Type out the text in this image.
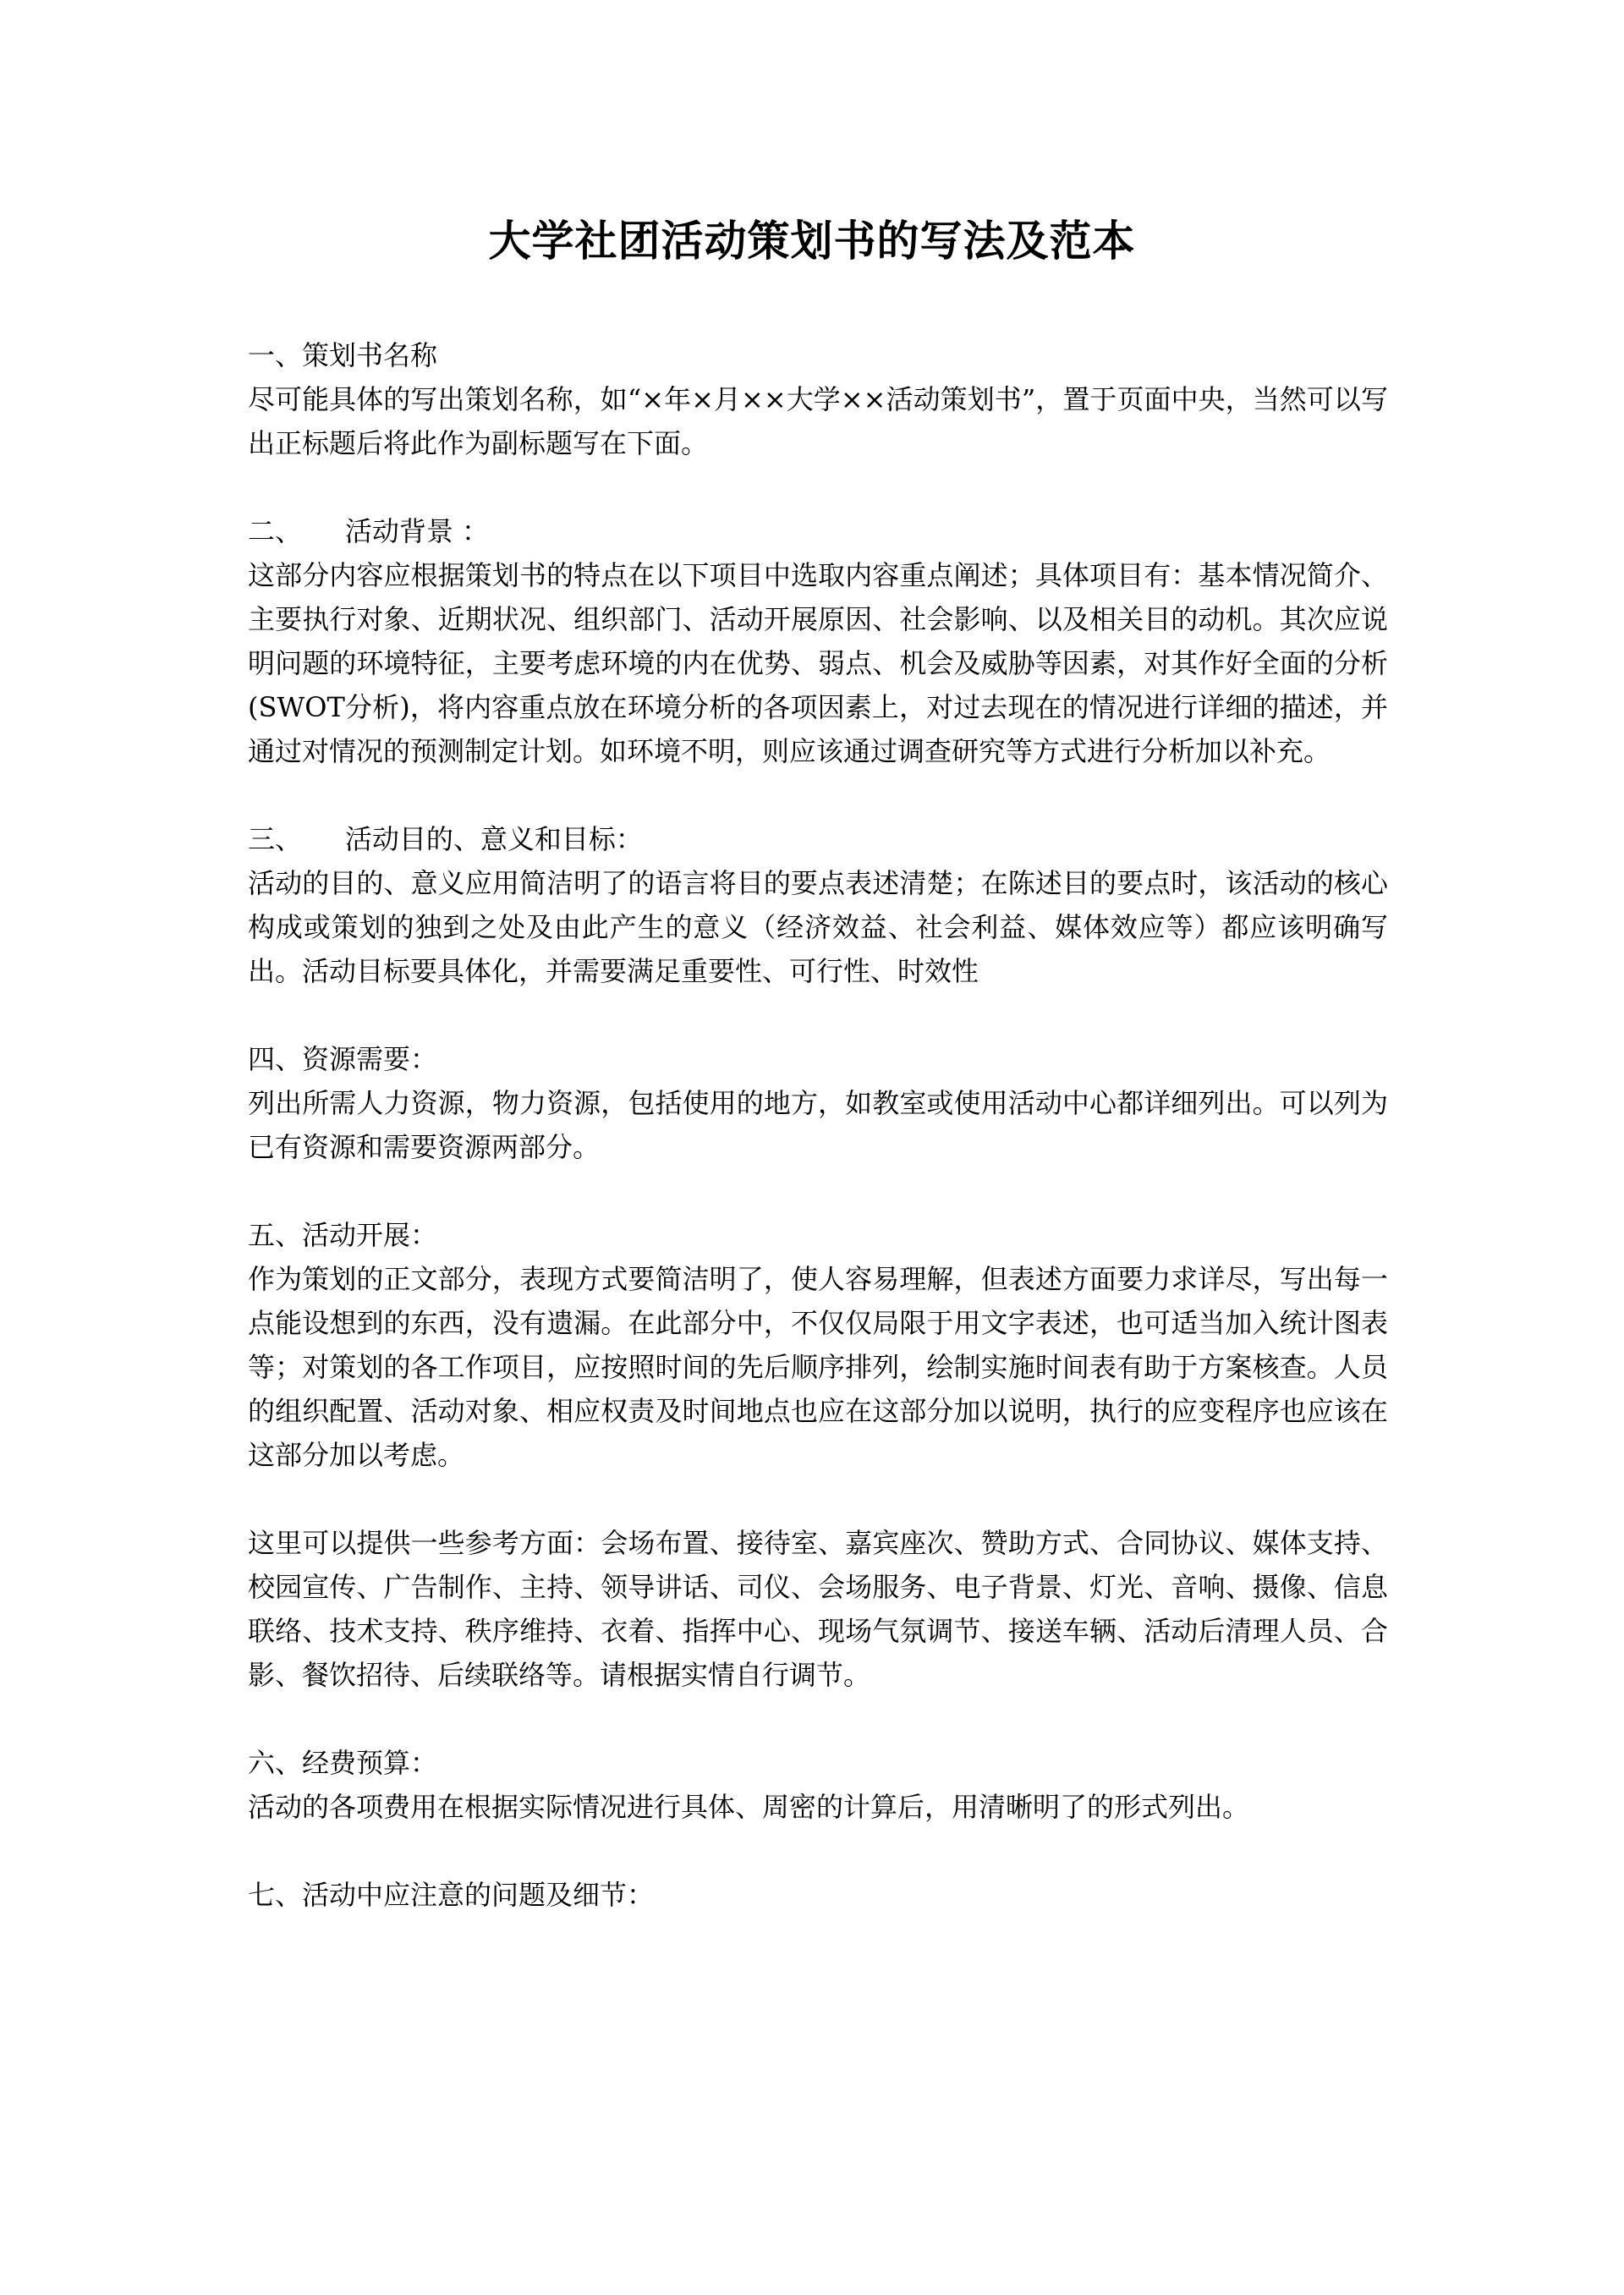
大学社团活动策划书的写法及范本

一、策划书名称

尽可能具体的写出策划名称，如“×年×月××大学××活动策划书”，置于页面中央，当然可以写出正标题后将此作为副标题写在下面。

二、     活动背景 ：

这部分内容应根据策划书的特点在以下项目中选取内容重点阐述；具体项目有：基本情况简介、主要执行对象、近期状况、组织部门、活动开展原因、社会影响、以及相关目的动机。其次应说明问题的环境特征，主要考虑环境的内在优势、弱点、机会及威胁等因素，对其作好全面的分析(SWOT分析)，将内容重点放在环境分析的各项因素上，对过去现在的情况进行详细的描述，并通过对情况的预测制定计划。如环境不明，则应该通过调查研究等方式进行分析加以补充。

三、     活动目的、意义和目标：

活动的目的、意义应用简洁明了的语言将目的要点表述清楚；在陈述目的要点时，该活动的核心构成或策划的独到之处及由此产生的意义（经济效益、社会利益、媒体效应等）都应该明确写出。活动目标要具体化，并需要满足重要性、可行性、时效性

四、资源需要：

列出所需人力资源，物力资源，包括使用的地方，如教室或使用活动中心都详细列出。可以列为已有资源和需要资源两部分。

五、活动开展：

作为策划的正文部分，表现方式要简洁明了，使人容易理解，但表述方面要力求详尽，写出每一点能设想到的东西，没有遗漏。在此部分中，不仅仅局限于用文字表述，也可适当加入统计图表等；对策划的各工作项目，应按照时间的先后顺序排列，绘制实施时间表有助于方案核查。人员的组织配置、活动对象、相应权责及时间地点也应在这部分加以说明，执行的应变程序也应该在这部分加以考虑。

这里可以提供一些参考方面：会场布置、接待室、嘉宾座次、赞助方式、合同协议、媒体支持、校园宣传、广告制作、主持、领导讲话、司仪、会场服务、电子背景、灯光、音响、摄像、信息联络、技术支持、秩序维持、衣着、指挥中心、现场气氛调节、接送车辆、活动后清理人员、合影、餐饮招待、后续联络等。请根据实情自行调节。

六、经费预算：

活动的各项费用在根据实际情况进行具体、周密的计算后，用清晰明了的形式列出。

七、活动中应注意的问题及细节：
